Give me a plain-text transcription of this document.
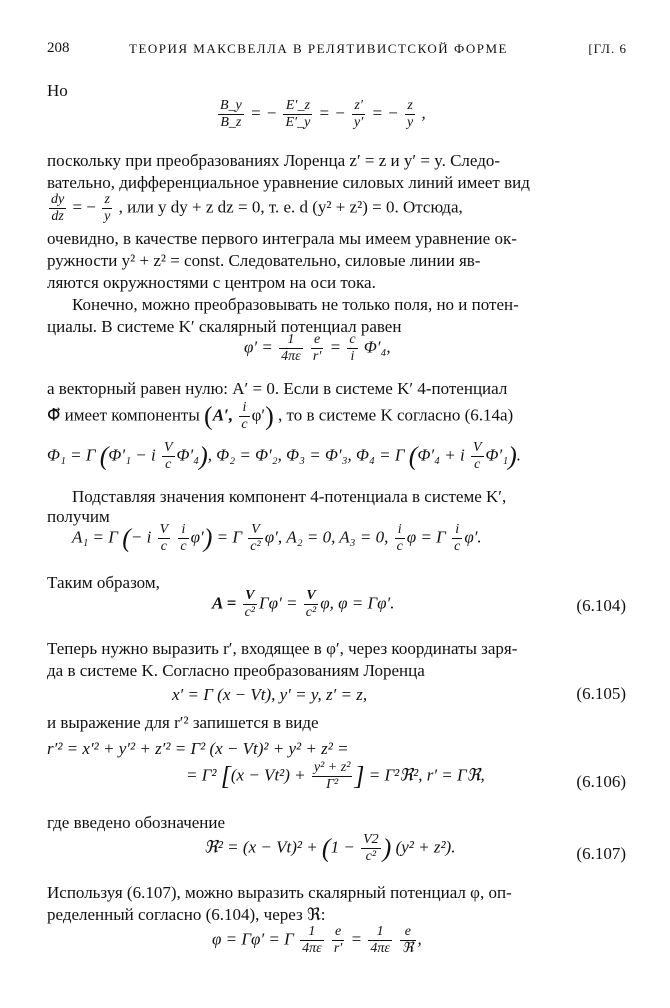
208	ТЕОРИЯ МАКСВЕЛЛА В РЕЛЯТИВИСТСКОЙ ФОРМЕ	[ГЛ. 6
Но
$\frac{B\_y}{B\_z}$ = − $\frac{E'\_z}{E'\_y}$ = − $\frac{z'}{y'}$ = − $\frac{z}{y}$ ,
поскольку при преобразованиях Лоренца z′ = z и y′ = y. Следо-
вательно, дифференциальное уравнение силовых линий имеет вид
$\frac{dy}{dz}$ = − $\frac{z}{y}$ , или y dy + z dz = 0, т. е. d (y² + z²) = 0. Отсюда,
очевидно, в качестве первого интеграла мы имеем уравнение ок-
ружности y² + z² = const. Следовательно, силовые линии яв-
ляются окружностями с центром на оси тока.
Конечно, можно преобразовывать не только поля, но и потен-
циалы. В системе K′ скалярный потенциал равен
$\varphi' = \frac{1}{4\pi\varepsilon}$
$\frac{e}{r'} = \frac{c}{i} \Phi'_4$,
а векторный равен нулю: A′ = 0. Если в системе K′ 4-потенциал
Φ⃗ имеет компоненты (A′, $\frac{i}{c} \varphi'$) , то в системе K согласно (6.14а)
Φ₁ = Γ (Φ′₁ − i $\frac{V}{c} \Phi'_4$), Φ₂ = Φ′₂, Φ₃ = Φ′₃, Φ₄ = Γ (Φ′₄ + i $\frac{V}{c} \Phi'_1$).
Подставляя значения компонент 4-потенциала в системе K′,
получим
A₁ = Γ (− i $\frac{V}{c}$
$\frac{i}{c} \varphi') = \Gamma \frac{V}{\text{c²}} \varphi'$, A₂ = 0, A₃ = 0, $\frac{i}{c}$ φ = Γ $\frac{i}{c} \varphi'$.
Таким образом,
$A = \frac{V}{\text{c²}} \Gamma\varphi' = \frac{V}{\text{c²}} \varphi$, φ = Γφ′.	(6.104)
Теперь нужно выразить r′, входящее в φ′, через координаты заря-
да в системе K. Согласно преобразованиям Лоренца
x′ = Γ (x − Vt), y′ = y, z′ = z,	(6.105)
и выражение для r′² запишется в виде
r′² = x′² + y′² + z′² = Γ² (x − Vt)² + y² + z² =
= Γ² [$(x - Vt^2) + \frac{\text{y² + z²}}{\text{Γ²}}$ ] = Γ²ℜ², r′ = Γℜ,	(6.106)
где введено обозначение
ℜ² = $(x - Vt)^2 + (1 - \frac{V2}{\text{c²}}$ ) (y² + z²).	(6.107)
Используя (6.107), можно выразить скалярный потенциал φ, оп-
ределенный согласно (6.104), через ℜ:
φ = Γφ′ = Γ $\frac{1}{4\pi\varepsilon}$
$\frac{e}{r'} = \frac{1}{4\pi\varepsilon}$
$\frac{e}{\text{ℜ}}$ ,
